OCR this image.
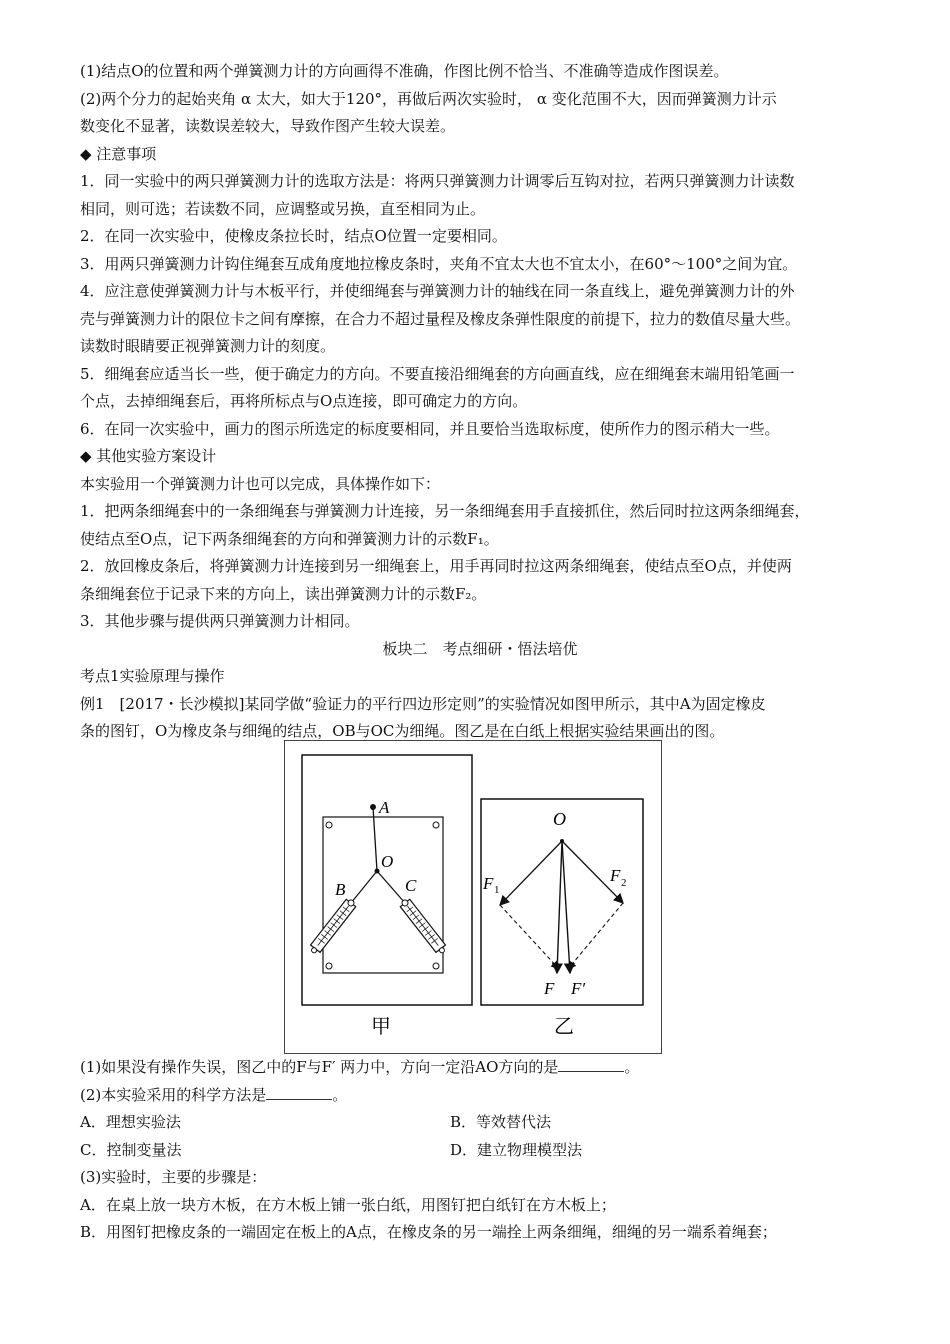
(1)结点O的位置和两个弹簧测力计的方向画得不准确，作图比例不恰当、不准确等造成作图误差。

(2)两个分力的起始夹角 α 太大，如大于120°，再做后两次实验时， α 变化范围不大，因而弹簧测力计示

数变化不显著，读数误差较大，导致作图产生较大误差。

◆ 注意事项

1．同一实验中的两只弹簧测力计的选取方法是：将两只弹簧测力计调零后互钩对拉，若两只弹簧测力计读数

相同，则可选；若读数不同，应调整或另换，直至相同为止。

2．在同一次实验中，使橡皮条拉长时，结点O位置一定要相同。

3．用两只弹簧测力计钩住绳套互成角度地拉橡皮条时，夹角不宜太大也不宜太小，在60°～100°之间为宜。

4．应注意使弹簧测力计与木板平行，并使细绳套与弹簧测力计的轴线在同一条直线上，避免弹簧测力计的外

壳与弹簧测力计的限位卡之间有摩擦，在合力不超过量程及橡皮条弹性限度的前提下，拉力的数值尽量大些。

读数时眼睛要正视弹簧测力计的刻度。

5．细绳套应适当长一些，便于确定力的方向。不要直接沿细绳套的方向画直线，应在细绳套末端用铅笔画一

个点，去掉细绳套后，再将所标点与O点连接，即可确定力的方向。

6．在同一次实验中，画力的图示所选定的标度要相同，并且要恰当选取标度，使所作力的图示稍大一些。

◆ 其他实验方案设计

本实验用一个弹簧测力计也可以完成，具体操作如下：

1．把两条细绳套中的一条细绳套与弹簧测力计连接，另一条细绳套用手直接抓住，然后同时拉这两条细绳套，

使结点至O点，记下两条细绳套的方向和弹簧测力计的示数F₁。

2．放回橡皮条后，将弹簧测力计连接到另一细绳套上，用手再同时拉这两条细绳套，使结点至O点，并使两

条细绳套位于记录下来的方向上，读出弹簧测力计的示数F₂。

3．其他步骤与提供两只弹簧测力计相同。

板块二　考点细研・悟法培优

考点1实验原理与操作

例1　[2017・长沙模拟]某同学做“验证力的平行四边形定则”的实验情况如图甲所示，其中A为固定橡皮

条的图钉，O为橡皮条与细绳的结点，OB与OC为细绳。图乙是在白纸上根据实验结果画出的图。

A
O
B	C
甲
O
F 1
F 2
F F′
乙

(1)如果没有操作失误，图乙中的F与F′ 两力中，方向一定沿AO方向的是	。

(2)本实验采用的科学方法是	。

A．理想实验法	B．等效替代法

C．控制变量法	D．建立物理模型法

(3)实验时，主要的步骤是：

A．在桌上放一块方木板，在方木板上铺一张白纸，用图钉把白纸钉在方木板上；

B．用图钉把橡皮条的一端固定在板上的A点，在橡皮条的另一端拴上两条细绳，细绳的另一端系着绳套；
